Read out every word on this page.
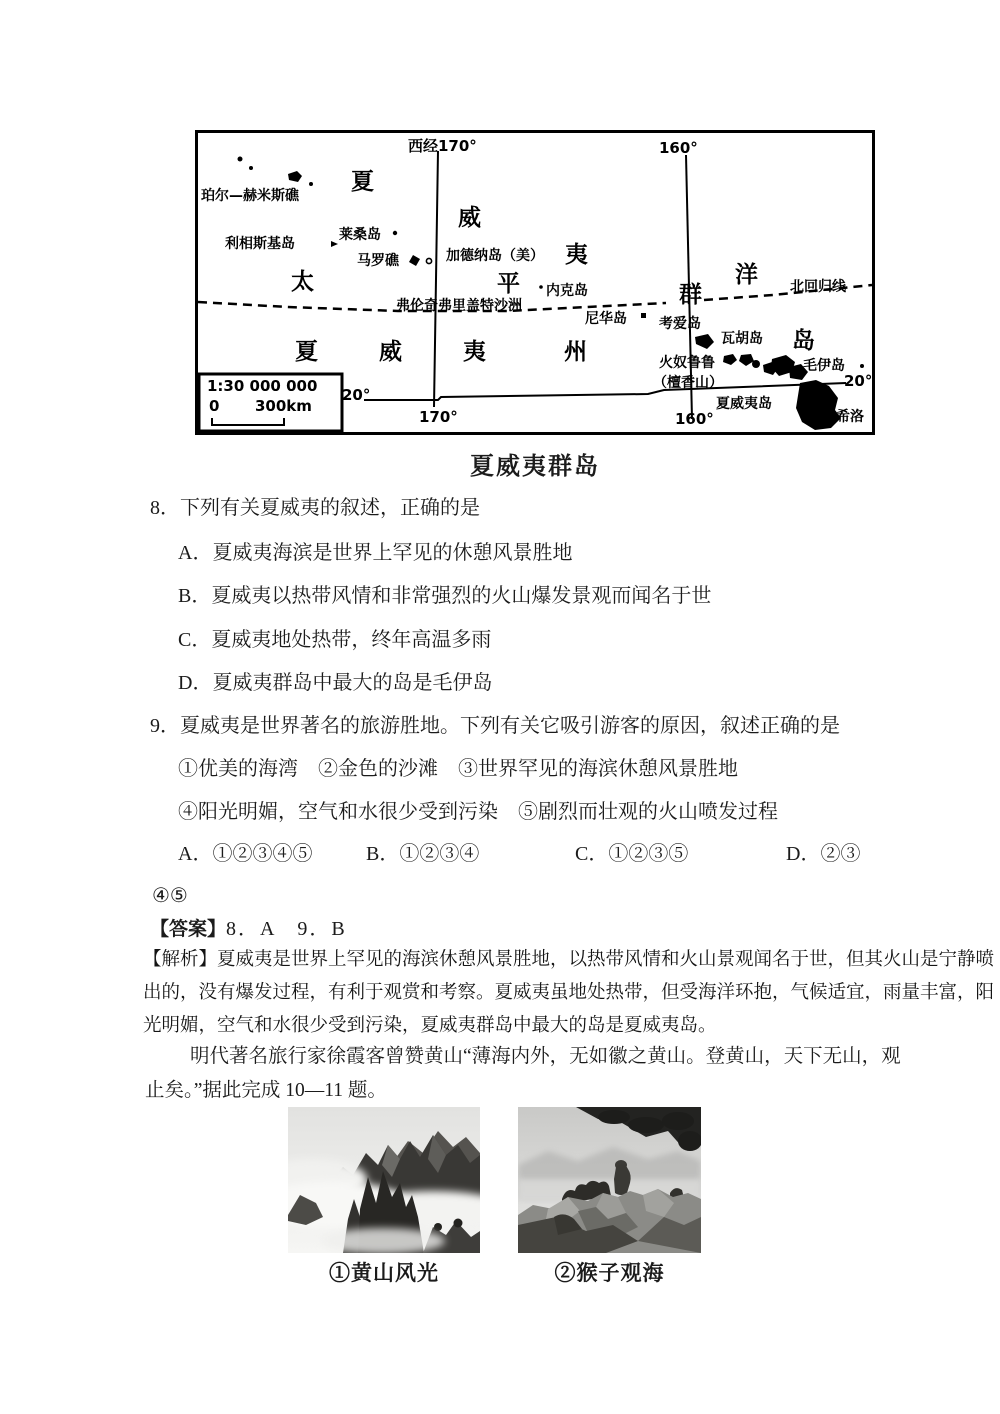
西经170°	160°
170°	160°
20°
20°
北回归线
夏
威
夷
群
岛
太	平	洋
夏	威	夷	州
珀尔—赫米斯礁
利相斯基岛
莱桑岛
马罗礁	加德纳岛（美）
内克岛
弗伦奇弗里盖特沙洲
尼华岛 考爱岛
瓦胡岛
火奴鲁鲁
（檀香山）
毛伊岛
夏威夷岛
希洛
1:30 000 000
0 300km
夏威夷群岛
8．下列有关夏威夷的叙述，正确的是
A．夏威夷海滨是世界上罕见的休憩风景胜地
B．夏威夷以热带风情和非常强烈的火山爆发景观而闻名于世
C．夏威夷地处热带，终年高温多雨
D．夏威夷群岛中最大的岛是毛伊岛
9．夏威夷是世界著名的旅游胜地。下列有关它吸引游客的原因，叙述正确的是
①优美的海湾　②金色的沙滩　③世界罕见的海滨休憩风景胜地
④阳光明媚，空气和水很少受到污染　⑤剧烈而壮观的火山喷发过程
A．①②③④⑤	B．①②③④	C．①②③⑤	D．②③
④⑤
【答案】8．A　9．B
【解析】夏威夷是世界上罕见的海滨休憩风景胜地，以热带风情和火山景观闻名于世，但其火山是宁静喷
出的，没有爆发过程，有利于观赏和考察。夏威夷虽地处热带，但受海洋环抱，气候适宜，雨量丰富，阳
光明媚，空气和水很少受到污染，夏威夷群岛中最大的岛是夏威夷岛。
明代著名旅行家徐霞客曾赞黄山“薄海内外，无如徽之黄山。登黄山，天下无山，观
止矣。”据此完成 10—11 题。
①黄山风光	②猴子观海
